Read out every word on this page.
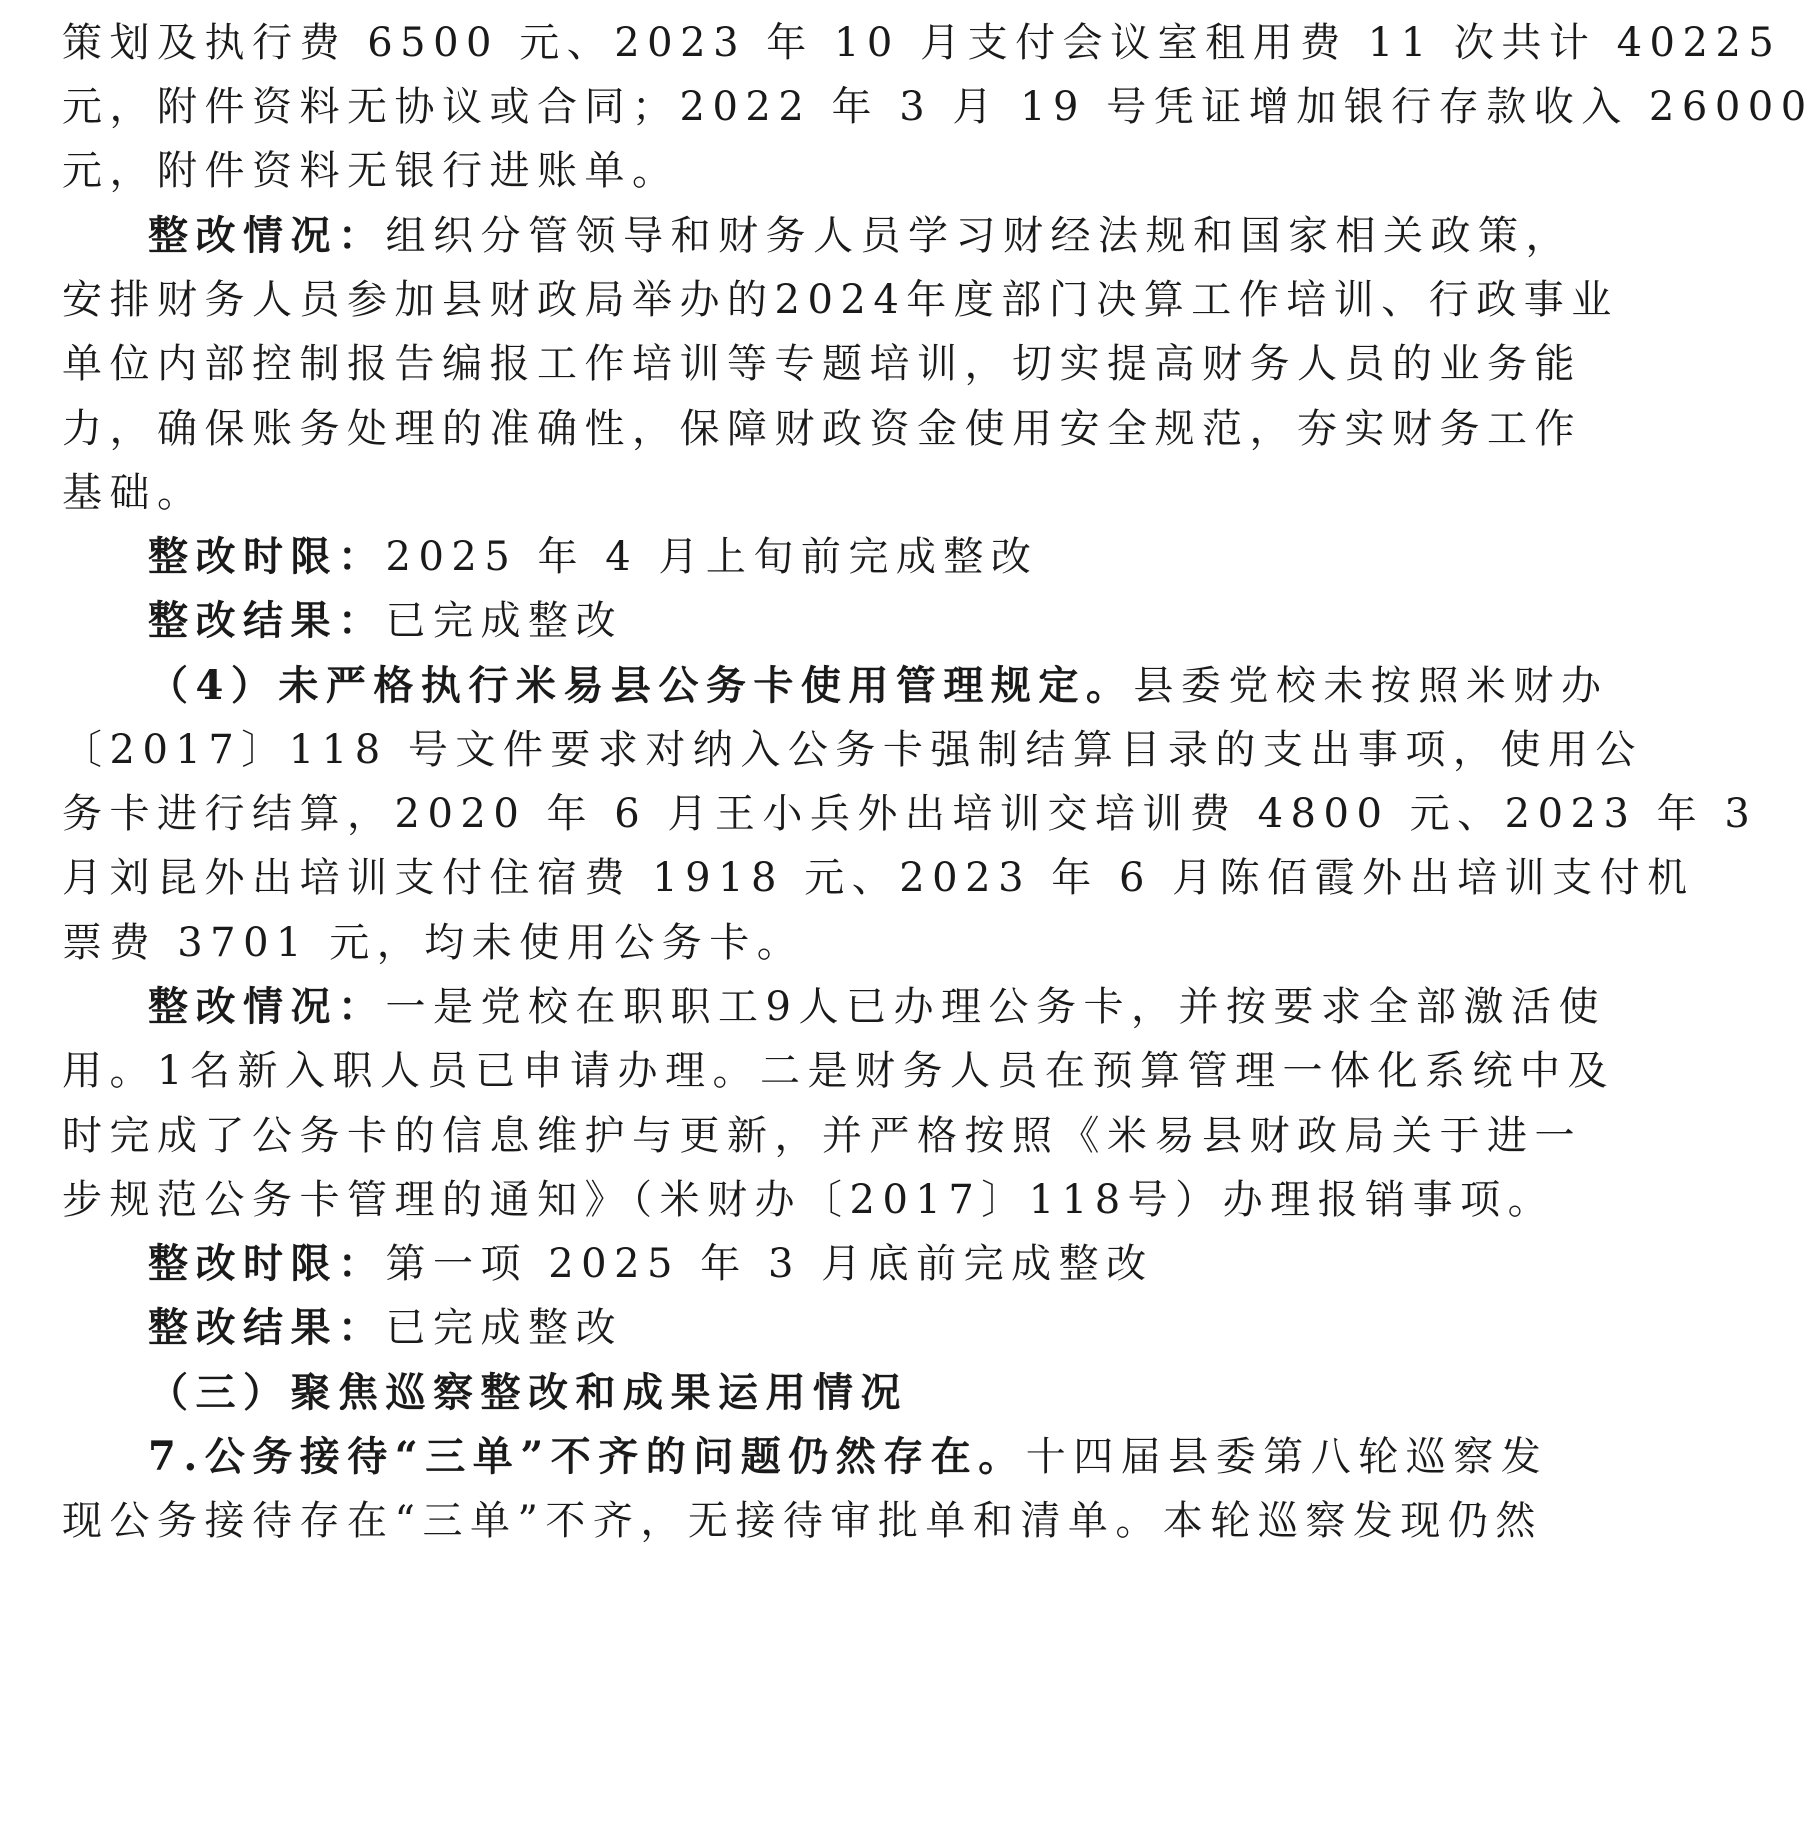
策划及执行费 6500 元、2023 年 10 月支付会议室租用费 11 次共计 40225
元，附件资料无协议或合同；2022 年 3 月 19 号凭证增加银行存款收入 26000
元，附件资料无银行进账单。
整改情况：组织分管领导和财务人员学习财经法规和国家相关政策，
安排财务人员参加县财政局举办的2024年度部门决算工作培训、行政事业
单位内部控制报告编报工作培训等专题培训，切实提高财务人员的业务能
力，确保账务处理的准确性，保障财政资金使用安全规范，夯实财务工作
基础。
整改时限：2025 年 4 月上旬前完成整改
整改结果：已完成整改
（4）未严格执行米易县公务卡使用管理规定。县委党校未按照米财办
〔2017〕118 号文件要求对纳入公务卡强制结算目录的支出事项，使用公
务卡进行结算，2020 年 6 月王小兵外出培训交培训费 4800 元、2023 年 3
月刘昆外出培训支付住宿费 1918 元、2023 年 6 月陈佰霞外出培训支付机
票费 3701 元，均未使用公务卡。
整改情况：一是党校在职职工9人已办理公务卡，并按要求全部激活使
用。1名新入职人员已申请办理。二是财务人员在预算管理一体化系统中及
时完成了公务卡的信息维护与更新，并严格按照《米易县财政局关于进一
步规范公务卡管理的通知》（米财办〔2017〕118号）办理报销事项。
整改时限：第一项 2025 年 3 月底前完成整改
整改结果：已完成整改
（三）聚焦巡察整改和成果运用情况
7.公务接待“三单”不齐的问题仍然存在。十四届县委第八轮巡察发
现公务接待存在“三单”不齐，无接待审批单和清单。本轮巡察发现仍然
